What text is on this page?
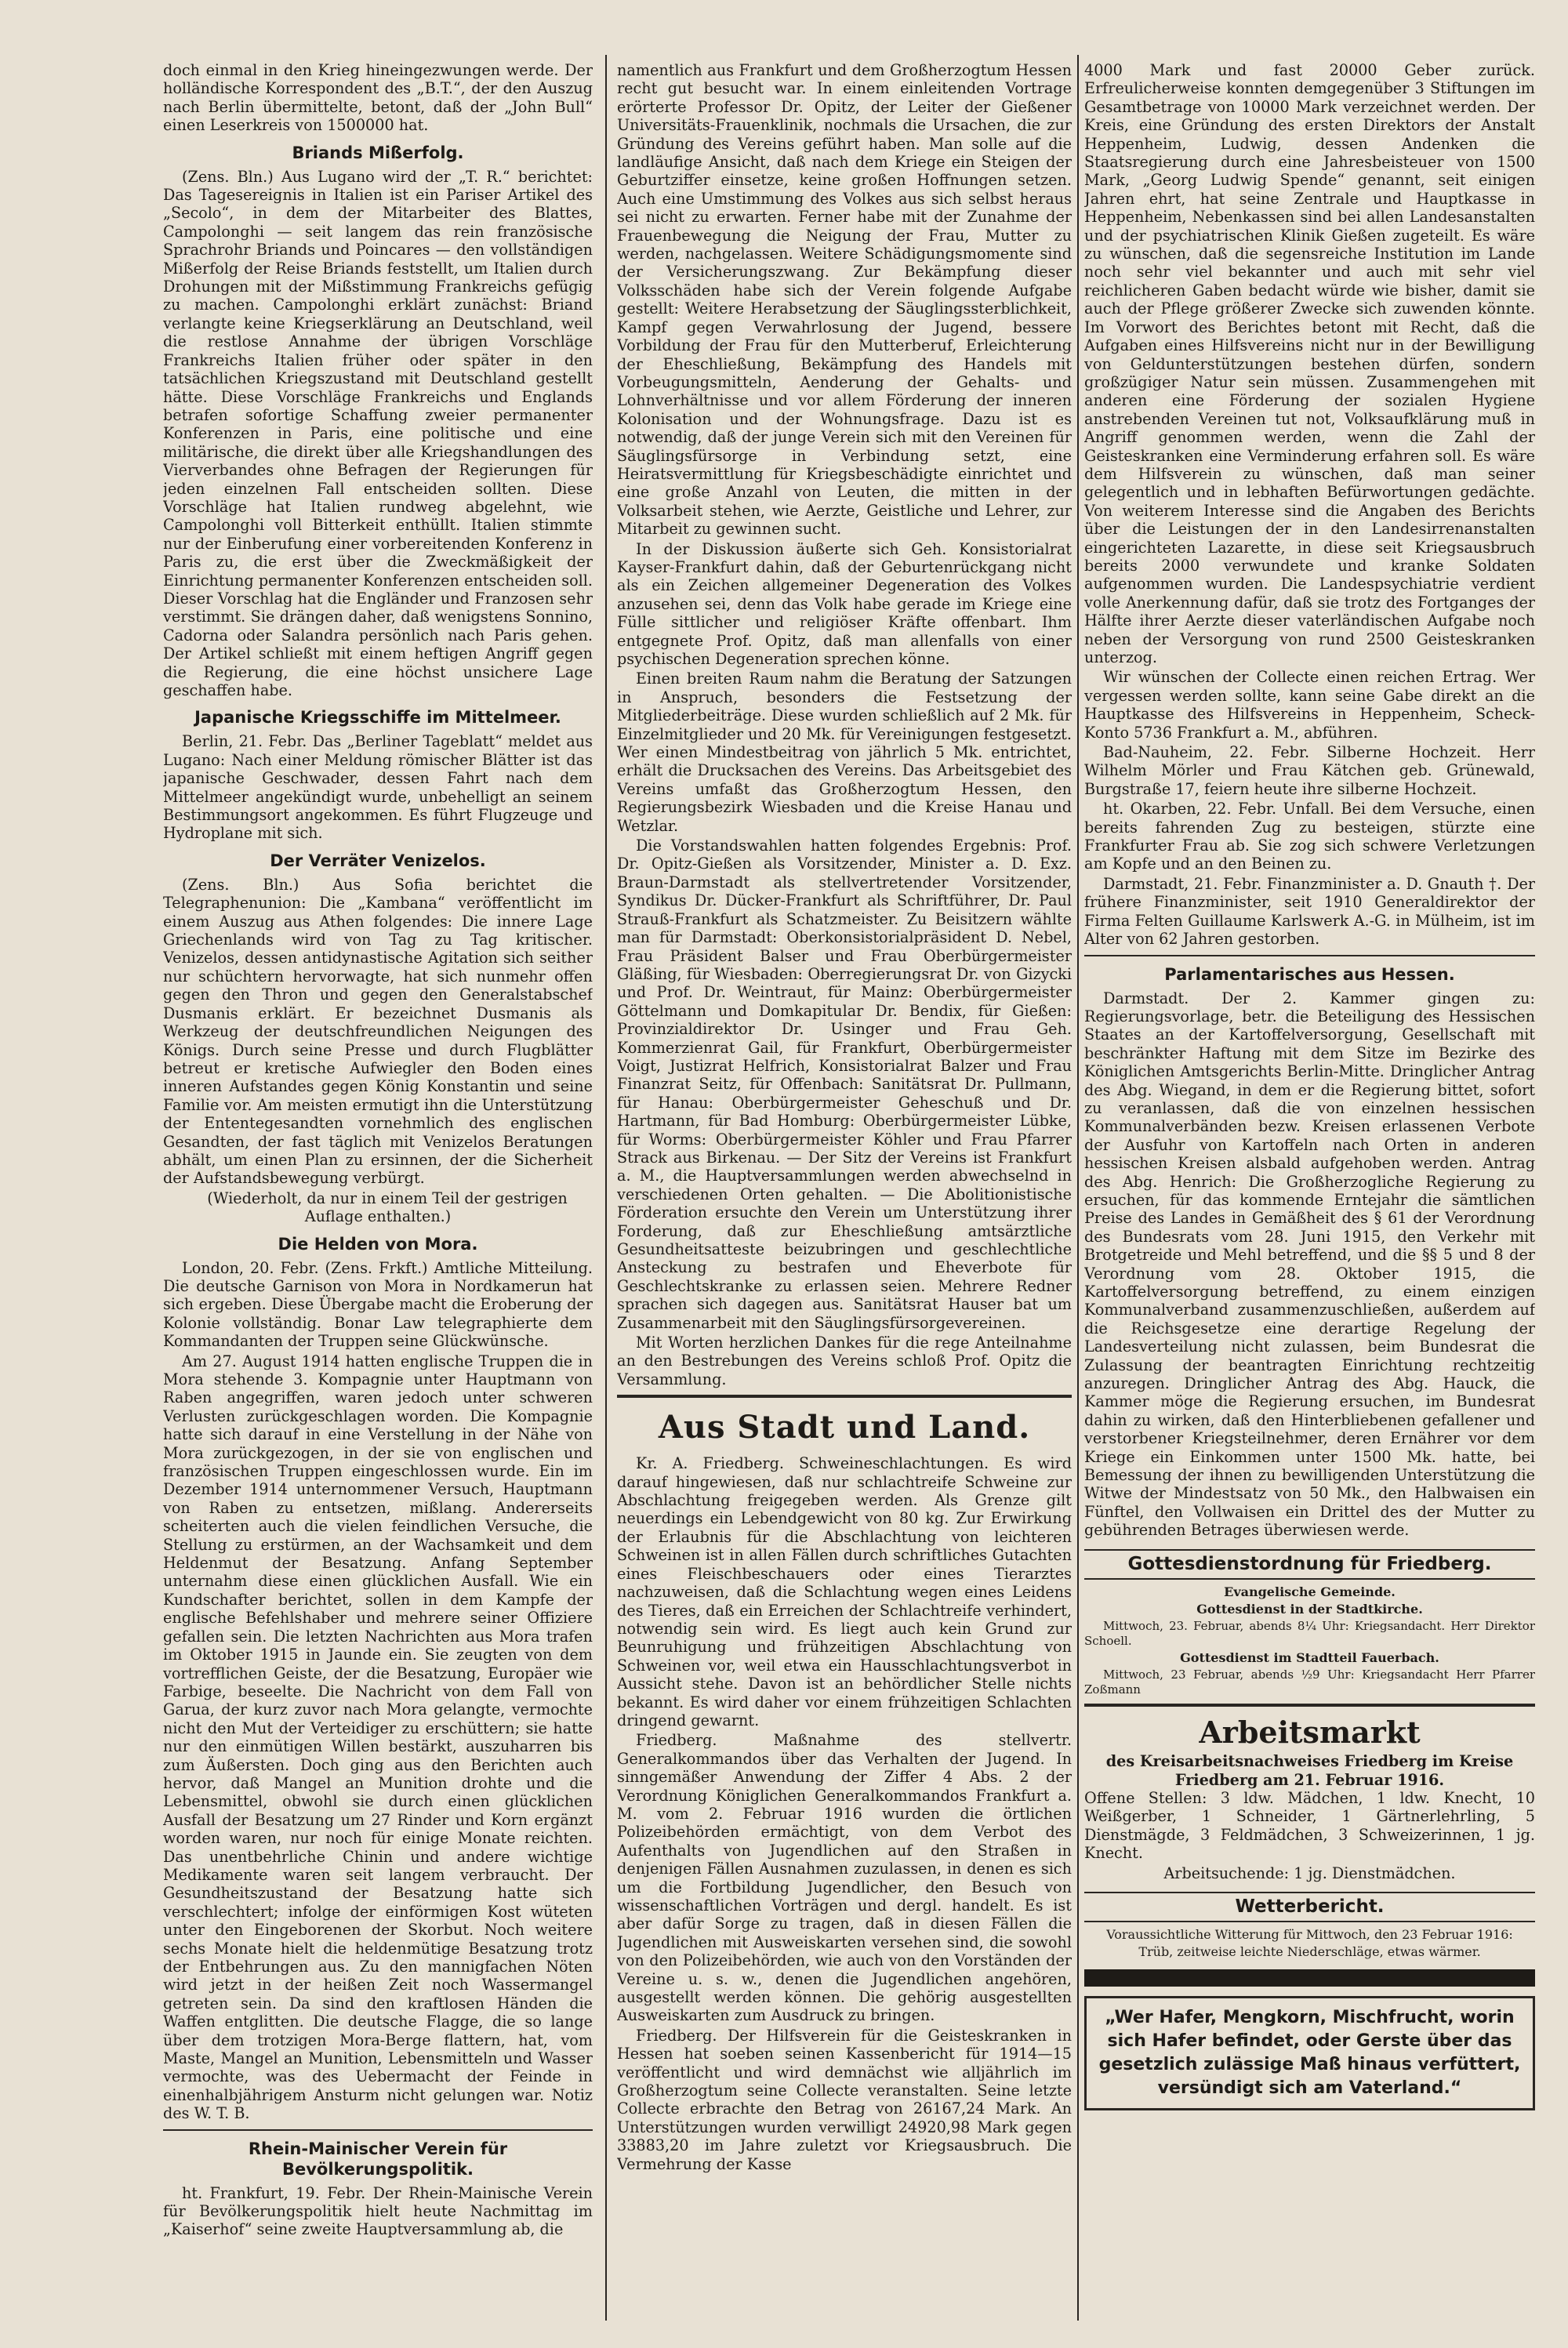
doch einmal in den Krieg hineingezwungen werde. Der holländische Korrespondent des „B.T.“, der den Auszug nach Berlin übermittelte, betont, daß der „John Bull“ einen Leserkreis von 1500000 hat.

Briands Mißerfolg.

(Zens. Bln.) Aus Lugano wird der „T. R.“ berichtet: Das Tagesereignis in Italien ist ein Pariser Artikel des „Secolo“, in dem der Mitarbeiter des Blattes, Campolonghi — seit langem das rein französische Sprachrohr Briands und Poincares — den vollständigen Mißerfolg der Reise Briands feststellt, um Italien durch Drohungen mit der Mißstimmung Frankreichs gefügig zu machen. Campolonghi erklärt zunächst: Briand verlangte keine Kriegserklärung an Deutschland, weil die restlose Annahme der übrigen Vorschläge Frankreichs Italien früher oder später in den tatsächlichen Kriegszustand mit Deutschland gestellt hätte. Diese Vorschläge Frankreichs und Englands betrafen sofortige Schaffung zweier permanenter Konferenzen in Paris, eine politische und eine militärische, die direkt über alle Kriegshandlungen des Vierverbandes ohne Befragen der Regierungen für jeden einzelnen Fall entscheiden sollten. Diese Vorschläge hat Italien rundweg abgelehnt, wie Campolonghi voll Bitterkeit enthüllt. Italien stimmte nur der Einberufung einer vorbereitenden Konferenz in Paris zu, die erst über die Zweckmäßigkeit der Einrichtung permanenter Konferenzen entscheiden soll. Dieser Vorschlag hat die Engländer und Franzosen sehr verstimmt. Sie drängen daher, daß wenigstens Sonnino, Cadorna oder Salandra persönlich nach Paris gehen. Der Artikel schließt mit einem heftigen Angriff gegen die Regierung, die eine höchst unsichere Lage geschaffen habe.

Japanische Kriegsschiffe im Mittelmeer.

Berlin, 21. Febr. Das „Berliner Tageblatt“ meldet aus Lugano: Nach einer Meldung römischer Blätter ist das japanische Geschwader, dessen Fahrt nach dem Mittelmeer angekündigt wurde, unbehelligt an seinem Bestimmungsort angekommen. Es führt Flugzeuge und Hydroplane mit sich.

Der Verräter Venizelos.

(Zens. Bln.) Aus Sofia berichtet die Telegraphenunion: Die „Kambana“ veröffentlicht im einem Auszug aus Athen folgendes: Die innere Lage Griechenlands wird von Tag zu Tag kritischer. Venizelos, dessen antidynastische Agitation sich seither nur schüchtern hervorwagte, hat sich nunmehr offen gegen den Thron und gegen den Generalstabschef Dusmanis erklärt. Er bezeichnet Dusmanis als Werkzeug der deutschfreundlichen Neigungen des Königs. Durch seine Presse und durch Flugblätter betreut er kretische Aufwiegler den Boden eines inneren Aufstandes gegen König Konstantin und seine Familie vor. Am meisten ermutigt ihn die Unterstützung der Ententegesandten vornehmlich des englischen Gesandten, der fast täglich mit Venizelos Beratungen abhält, um einen Plan zu ersinnen, der die Sicherheit der Aufstandsbewegung verbürgt.

(Wiederholt, da nur in einem Teil der gestrigen Auflage enthalten.)

Die Helden von Mora.

London, 20. Febr. (Zens. Frkft.) Amtliche Mitteilung. Die deutsche Garnison von Mora in Nordkamerun hat sich ergeben. Diese Übergabe macht die Eroberung der Kolonie vollständig. Bonar Law telegraphierte dem Kommandanten der Truppen seine Glückwünsche.

Am 27. August 1914 hatten englische Truppen die in Mora stehende 3. Kompagnie unter Hauptmann von Raben angegriffen, waren jedoch unter schweren Verlusten zurückgeschlagen worden. Die Kompagnie hatte sich darauf in eine Verstellung in der Nähe von Mora zurückgezogen, in der sie von englischen und französischen Truppen eingeschlossen wurde. Ein im Dezember 1914 unternommener Versuch, Hauptmann von Raben zu entsetzen, mißlang. Andererseits scheiterten auch die vielen feindlichen Versuche, die Stellung zu erstürmen, an der Wachsamkeit und dem Heldenmut der Besatzung. Anfang September unternahm diese einen glücklichen Ausfall. Wie ein Kundschafter berichtet, sollen in dem Kampfe der englische Befehlshaber und mehrere seiner Offiziere gefallen sein. Die letzten Nachrichten aus Mora trafen im Oktober 1915 in Jaunde ein. Sie zeugten von dem vortrefflichen Geiste, der die Besatzung, Europäer wie Farbige, beseelte. Die Nachricht von dem Fall von Garua, der kurz zuvor nach Mora gelangte, vermochte nicht den Mut der Verteidiger zu erschüttern; sie hatte nur den einmütigen Willen bestärkt, auszuharren bis zum Äußersten. Doch ging aus den Berichten auch hervor, daß Mangel an Munition drohte und die Lebensmittel, obwohl sie durch einen glücklichen Ausfall der Besatzung um 27 Rinder und Korn ergänzt worden waren, nur noch für einige Monate reichten. Das unentbehrliche Chinin und andere wichtige Medikamente waren seit langem verbraucht. Der Gesundheitszustand der Besatzung hatte sich verschlechtert; infolge der einförmigen Kost wüteten unter den Eingeborenen der Skorbut. Noch weitere sechs Monate hielt die heldenmütige Besatzung trotz der Entbehrungen aus. Zu den mannigfachen Nöten wird jetzt in der heißen Zeit noch Wassermangel getreten sein. Da sind den kraftlosen Händen die Waffen entglitten. Die deutsche Flagge, die so lange über dem trotzigen Mora-Berge flattern, hat, vom Maste, Mangel an Munition, Lebensmitteln und Wasser vermochte, was des Uebermacht der Feinde in einenhalbjährigem Ansturm nicht gelungen war. Notiz des W. T. B.

Rhein-Mainischer Verein für Bevölkerungspolitik.

ht. Frankfurt, 19. Febr. Der Rhein-Mainische Verein für Bevölkerungspolitik hielt heute Nachmittag im „Kaiserhof“ seine zweite Hauptversammlung ab, die

namentlich aus Frankfurt und dem Großherzogtum Hessen recht gut besucht war. In einem einleitenden Vortrage erörterte Professor Dr. Opitz, der Leiter der Gießener Universitäts-Frauenklinik, nochmals die Ursachen, die zur Gründung des Vereins geführt haben. Man solle auf die landläufige Ansicht, daß nach dem Kriege ein Steigen der Geburtziffer einsetze, keine großen Hoffnungen setzen. Auch eine Umstimmung des Volkes aus sich selbst heraus sei nicht zu erwarten. Ferner habe mit der Zunahme der Frauenbewegung die Neigung der Frau, Mutter zu werden, nachgelassen. Weitere Schädigungsmomente sind der Versicherungszwang. Zur Bekämpfung dieser Volksschäden habe sich der Verein folgende Aufgabe gestellt: Weitere Herabsetzung der Säuglingssterblichkeit, Kampf gegen Verwahrlosung der Jugend, bessere Vorbildung der Frau für den Mutterberuf, Erleichterung der Eheschließung, Bekämpfung des Handels mit Vorbeugungsmitteln, Aenderung der Gehalts- und Lohnverhältnisse und vor allem Förderung der inneren Kolonisation und der Wohnungsfrage. Dazu ist es notwendig, daß der junge Verein sich mit den Vereinen für Säuglingsfürsorge in Verbindung setzt, eine Heiratsvermittlung für Kriegsbeschädigte einrichtet und eine große Anzahl von Leuten, die mitten in der Volksarbeit stehen, wie Aerzte, Geistliche und Lehrer, zur Mitarbeit zu gewinnen sucht.

In der Diskussion äußerte sich Geh. Konsistorialrat Kayser-Frankfurt dahin, daß der Geburtenrückgang nicht als ein Zeichen allgemeiner Degeneration des Volkes anzusehen sei, denn das Volk habe gerade im Kriege eine Fülle sittlicher und religiöser Kräfte offenbart. Ihm entgegnete Prof. Opitz, daß man allenfalls von einer psychischen Degeneration sprechen könne.

Einen breiten Raum nahm die Beratung der Satzungen in Anspruch, besonders die Festsetzung der Mitgliederbeiträge. Diese wurden schließlich auf 2 Mk. für Einzelmitglieder und 20 Mk. für Vereinigungen festgesetzt. Wer einen Mindestbeitrag von jährlich 5 Mk. entrichtet, erhält die Drucksachen des Vereins. Das Arbeitsgebiet des Vereins umfaßt das Großherzogtum Hessen, den Regierungsbezirk Wiesbaden und die Kreise Hanau und Wetzlar.

Die Vorstandswahlen hatten folgendes Ergebnis: Prof. Dr. Opitz-Gießen als Vorsitzender, Minister a. D. Exz. Braun-Darmstadt als stellvertretender Vorsitzender, Syndikus Dr. Dücker-Frankfurt als Schriftführer, Dr. Paul Strauß-Frankfurt als Schatzmeister. Zu Beisitzern wählte man für Darmstadt: Oberkonsistorialpräsident D. Nebel, Frau Präsident Balser und Frau Oberbürgermeister Gläßing, für Wiesbaden: Oberregierungsrat Dr. von Gizycki und Prof. Dr. Weintraut, für Mainz: Oberbürgermeister Göttelmann und Domkapitular Dr. Bendix, für Gießen: Provinzialdirektor Dr. Usinger und Frau Geh. Kommerzienrat Gail, für Frankfurt, Oberbürgermeister Voigt, Justizrat Helfrich, Konsistorialrat Balzer und Frau Finanzrat Seitz, für Offenbach: Sanitätsrat Dr. Pullmann, für Hanau: Oberbürgermeister Geheschuß und Dr. Hartmann, für Bad Homburg: Oberbürgermeister Lübke, für Worms: Oberbürgermeister Köhler und Frau Pfarrer Strack aus Birkenau. — Der Sitz der Vereins ist Frankfurt a. M., die Hauptversammlungen werden abwechselnd in verschiedenen Orten gehalten. — Die Abolitionistische Förderation ersuchte den Verein um Unterstützung ihrer Forderung, daß zur Eheschließung amtsärztliche Gesundheitsatteste beizubringen und geschlechtliche Ansteckung zu bestrafen und Eheverbote für Geschlechtskranke zu erlassen seien. Mehrere Redner sprachen sich dagegen aus. Sanitätsrat Hauser bat um Zusammenarbeit mit den Säuglingsfürsorgevereinen.

Mit Worten herzlichen Dankes für die rege Anteilnahme an den Bestrebungen des Vereins schloß Prof. Opitz die Versammlung.

Aus Stadt und Land.

Kr. A. Friedberg. Schweineschlachtungen. Es wird darauf hingewiesen, daß nur schlachtreife Schweine zur Abschlachtung freigegeben werden. Als Grenze gilt neuerdings ein Lebendgewicht von 80 kg. Zur Erwirkung der Erlaubnis für die Abschlachtung von leichteren Schweinen ist in allen Fällen durch schriftliches Gutachten eines Fleischbeschauers oder eines Tierarztes nachzuweisen, daß die Schlachtung wegen eines Leidens des Tieres, daß ein Erreichen der Schlachtreife verhindert, notwendig sein wird. Es liegt auch kein Grund zur Beunruhigung und frühzeitigen Abschlachtung von Schweinen vor, weil etwa ein Hausschlachtungsverbot in Aussicht stehe. Davon ist an behördlicher Stelle nichts bekannt. Es wird daher vor einem frühzeitigen Schlachten dringend gewarnt.

Friedberg. Maßnahme des stellvertr. Generalkommandos über das Verhalten der Jugend. In sinngemäßer Anwendung der Ziffer 4 Abs. 2 der Verordnung Königlichen Generalkommandos Frankfurt a. M. vom 2. Februar 1916 wurden die örtlichen Polizeibehörden ermächtigt, von dem Verbot des Aufenthalts von Jugendlichen auf den Straßen in denjenigen Fällen Ausnahmen zuzulassen, in denen es sich um die Fortbildung Jugendlicher, den Besuch von wissenschaftlichen Vorträgen und dergl. handelt. Es ist aber dafür Sorge zu tragen, daß in diesen Fällen die Jugendlichen mit Ausweiskarten versehen sind, die sowohl von den Polizeibehörden, wie auch von den Vorständen der Vereine u. s. w., denen die Jugendlichen angehören, ausgestellt werden können. Die gehörig ausgestellten Ausweiskarten zum Ausdruck zu bringen.

Friedberg. Der Hilfsverein für die Geisteskranken in Hessen hat soeben seinen Kassenbericht für 1914—15 veröffentlicht und wird demnächst wie alljährlich im Großherzogtum seine Collecte veranstalten. Seine letzte Collecte erbrachte den Betrag von 26167,24 Mark. An Unterstützungen wurden verwilligt 24920,98 Mark gegen 33883,20 im Jahre zuletzt vor Kriegsausbruch. Die Vermehrung der Kasse

4000 Mark und fast 20000 Geber zurück. Erfreulicherweise konnten demgegenüber 3 Stiftungen im Gesamtbetrage von 10000 Mark verzeichnet werden. Der Kreis, eine Gründung des ersten Direktors der Anstalt Heppenheim, Ludwig, dessen Andenken die Staatsregierung durch eine Jahresbeisteuer von 1500 Mark, „Georg Ludwig Spende“ genannt, seit einigen Jahren ehrt, hat seine Zentrale und Hauptkasse in Heppenheim, Nebenkassen sind bei allen Landesanstalten und der psychiatrischen Klinik Gießen zugeteilt. Es wäre zu wünschen, daß die segensreiche Institution im Lande noch sehr viel bekannter und auch mit sehr viel reichlicheren Gaben bedacht würde wie bisher, damit sie auch der Pflege größerer Zwecke sich zuwenden könnte. Im Vorwort des Berichtes betont mit Recht, daß die Aufgaben eines Hilfsvereins nicht nur in der Bewilligung von Geldunterstützungen bestehen dürfen, sondern großzügiger Natur sein müssen. Zusammengehen mit anderen eine Förderung der sozialen Hygiene anstrebenden Vereinen tut not, Volksaufklärung muß in Angriff genommen werden, wenn die Zahl der Geisteskranken eine Verminderung erfahren soll. Es wäre dem Hilfsverein zu wünschen, daß man seiner gelegentlich und in lebhaften Befürwortungen gedächte. Von weiterem Interesse sind die Angaben des Berichts über die Leistungen der in den Landesirrenanstalten eingerichteten Lazarette, in diese seit Kriegsausbruch bereits 2000 verwundete und kranke Soldaten aufgenommen wurden. Die Landespsychiatrie verdient volle Anerkennung dafür, daß sie trotz des Fortganges der Hälfte ihrer Aerzte dieser vaterländischen Aufgabe noch neben der Versorgung von rund 2500 Geisteskranken unterzog.

Wir wünschen der Collecte einen reichen Ertrag. Wer vergessen werden sollte, kann seine Gabe direkt an die Hauptkasse des Hilfsvereins in Heppenheim, Scheck-Konto 5736 Frankfurt a. M., abführen.

Bad-Nauheim, 22. Febr. Silberne Hochzeit. Herr Wilhelm Mörler und Frau Kätchen geb. Grünewald, Burgstraße 17, feiern heute ihre silberne Hochzeit.

ht. Okarben, 22. Febr. Unfall. Bei dem Versuche, einen bereits fahrenden Zug zu besteigen, stürzte eine Frankfurter Frau ab. Sie zog sich schwere Verletzungen am Kopfe und an den Beinen zu.

Darmstadt, 21. Febr. Finanzminister a. D. Gnauth †. Der frühere Finanzminister, seit 1910 Generaldirektor der Firma Felten Guillaume Karlswerk A.-G. in Mülheim, ist im Alter von 62 Jahren gestorben.

Parlamentarisches aus Hessen.

Darmstadt. Der 2. Kammer gingen zu: Regierungsvorlage, betr. die Beteiligung des Hessischen Staates an der Kartoffelversorgung, Gesellschaft mit beschränkter Haftung mit dem Sitze im Bezirke des Königlichen Amtsgerichts Berlin-Mitte. Dringlicher Antrag des Abg. Wiegand, in dem er die Regierung bittet, sofort zu veranlassen, daß die von einzelnen hessischen Kommunalverbänden bezw. Kreisen erlassenen Verbote der Ausfuhr von Kartoffeln nach Orten in anderen hessischen Kreisen alsbald aufgehoben werden. Antrag des Abg. Henrich: Die Großherzogliche Regierung zu ersuchen, für das kommende Erntejahr die sämtlichen Preise des Landes in Gemäßheit des § 61 der Verordnung des Bundesrats vom 28. Juni 1915, den Verkehr mit Brotgetreide und Mehl betreffend, und die §§ 5 und 8 der Verordnung vom 28. Oktober 1915, die Kartoffelversorgung betreffend, zu einem einzigen Kommunalverband zusammenzuschließen, außerdem auf die Reichsgesetze eine derartige Regelung der Landesverteilung nicht zulassen, beim Bundesrat die Zulassung der beantragten Einrichtung rechtzeitig anzuregen. Dringlicher Antrag des Abg. Hauck, die Kammer möge die Regierung ersuchen, im Bundesrat dahin zu wirken, daß den Hinterbliebenen gefallener und verstorbener Kriegsteilnehmer, deren Ernährer vor dem Kriege ein Einkommen unter 1500 Mk. hatte, bei Bemessung der ihnen zu bewilligenden Unterstützung die Witwe der Mindestsatz von 50 Mk., den Halbwaisen ein Fünftel, den Vollwaisen ein Drittel des der Mutter zu gebührenden Betrages überwiesen werde.

Gottesdienstordnung für Friedberg.
Evangelische Gemeinde.
Gottesdienst in der Stadtkirche.

Mittwoch, 23. Februar, abends 8¼ Uhr: Kriegsandacht. Herr Direktor Schoell.

Gottesdienst im Stadtteil Fauerbach.

Mittwoch, 23 Februar, abends ½9 Uhr: Kriegsandacht Herr Pfarrer Zoßmann

Arbeitsmarkt
des Kreisarbeitsnachweises Friedberg im Kreise Friedberg am 21. Februar 1916.

Offene Stellen: 3 ldw. Mädchen, 1 ldw. Knecht, 10 Weißgerber, 1 Schneider, 1 Gärtnerlehrling, 5 Dienstmägde, 3 Feldmädchen, 3 Schweizerinnen, 1 jg. Knecht.

Arbeitsuchende: 1 jg. Dienstmädchen.

Wetterbericht.
Voraussichtliche Witterung für Mittwoch, den 23 Februar 1916:
Trüb, zeitweise leichte Niederschläge, etwas wärmer.
„Wer Hafer, Mengkorn, Mischfrucht, worin sich Hafer befindet, oder Gerste über das gesetzlich zulässige Maß hinaus verfüttert, versündigt sich am Vaterland.“
